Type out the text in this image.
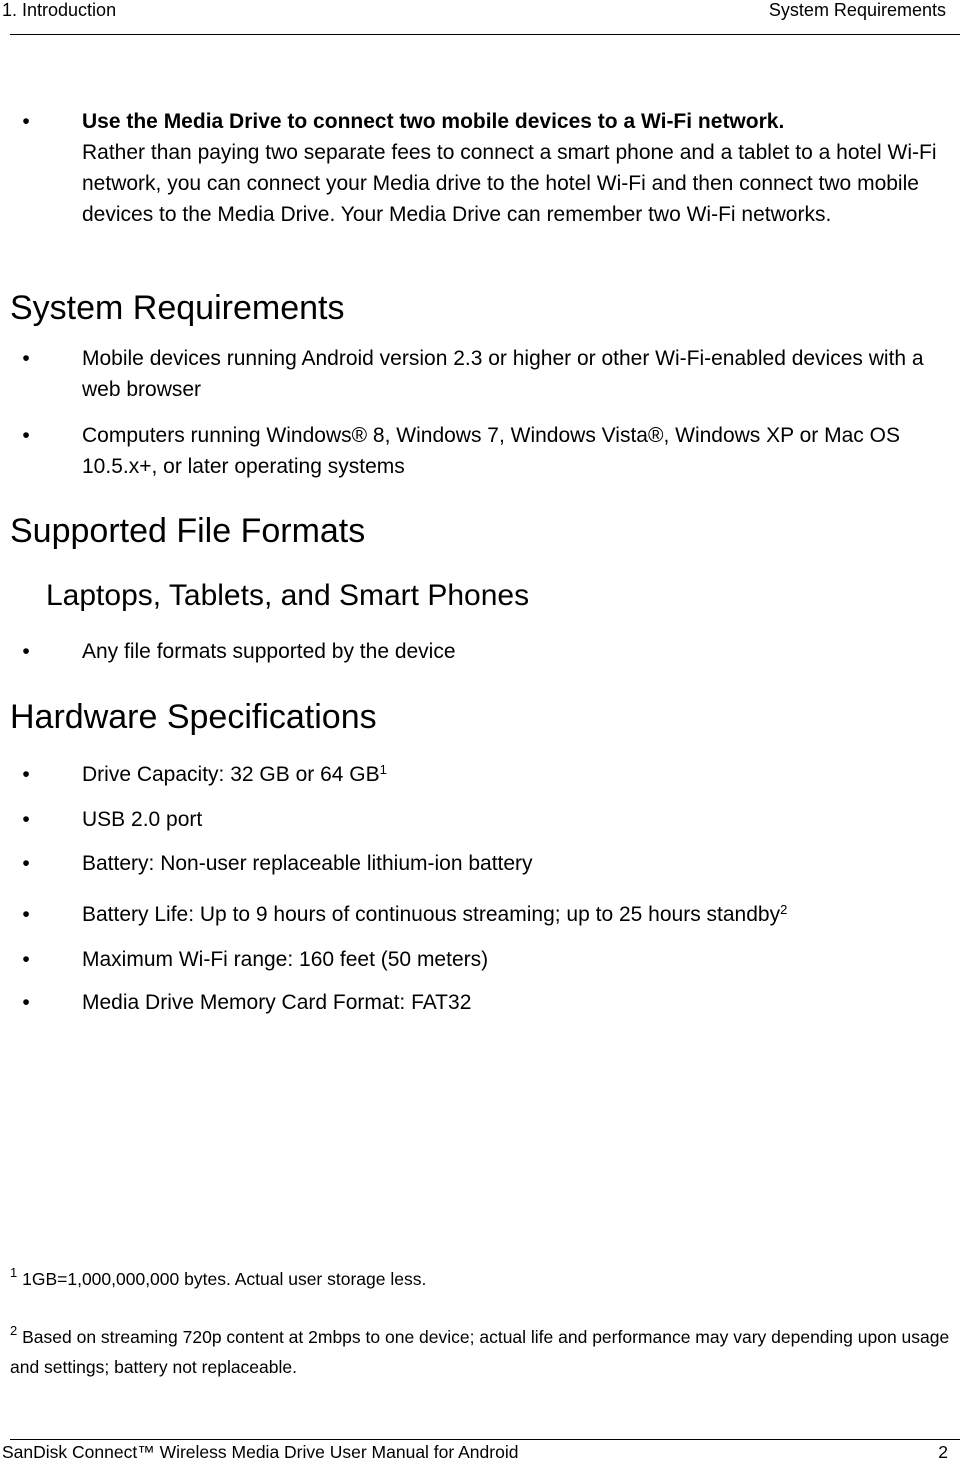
1. Introduction	System Requirements
• Use the Media Drive to connect two mobile devices to a Wi-Fi network.
Rather than paying two separate fees to connect a smart phone and a tablet to a hotel Wi-Fi network, you can connect your Media drive to the hotel Wi-Fi and then connect two mobile devices to the Media Drive. Your Media Drive can remember two Wi-Fi networks.
System Requirements
• Mobile devices running Android version 2.3 or higher or other Wi-Fi-enabled devices with a web browser
• Computers running Windows® 8, Windows 7, Windows Vista®, Windows XP or Mac OS 10.5.x+, or later operating systems
Supported File Formats
Laptops, Tablets, and Smart Phones
• Any file formats supported by the device
Hardware Specifications
• Drive Capacity: 32 GB or 64 $GB^1$
• USB 2.0 port
• Battery: Non-user replaceable lithium-ion battery
• Battery Life: Up to 9 hours of continuous streaming; up to 25 hours standby$^2$
• Maximum Wi-Fi range: 160 feet (50 meters)
• Media Drive Memory Card Format: FAT32
$^1$ 1GB=1,000,000,000 bytes. Actual user storage less.
$^2$ Based on streaming 720p content at 2mbps to one device; actual life and performance may vary depending upon usage and settings; battery not replaceable.
SanDisk Connect™ Wireless Media Drive User Manual for Android	2
